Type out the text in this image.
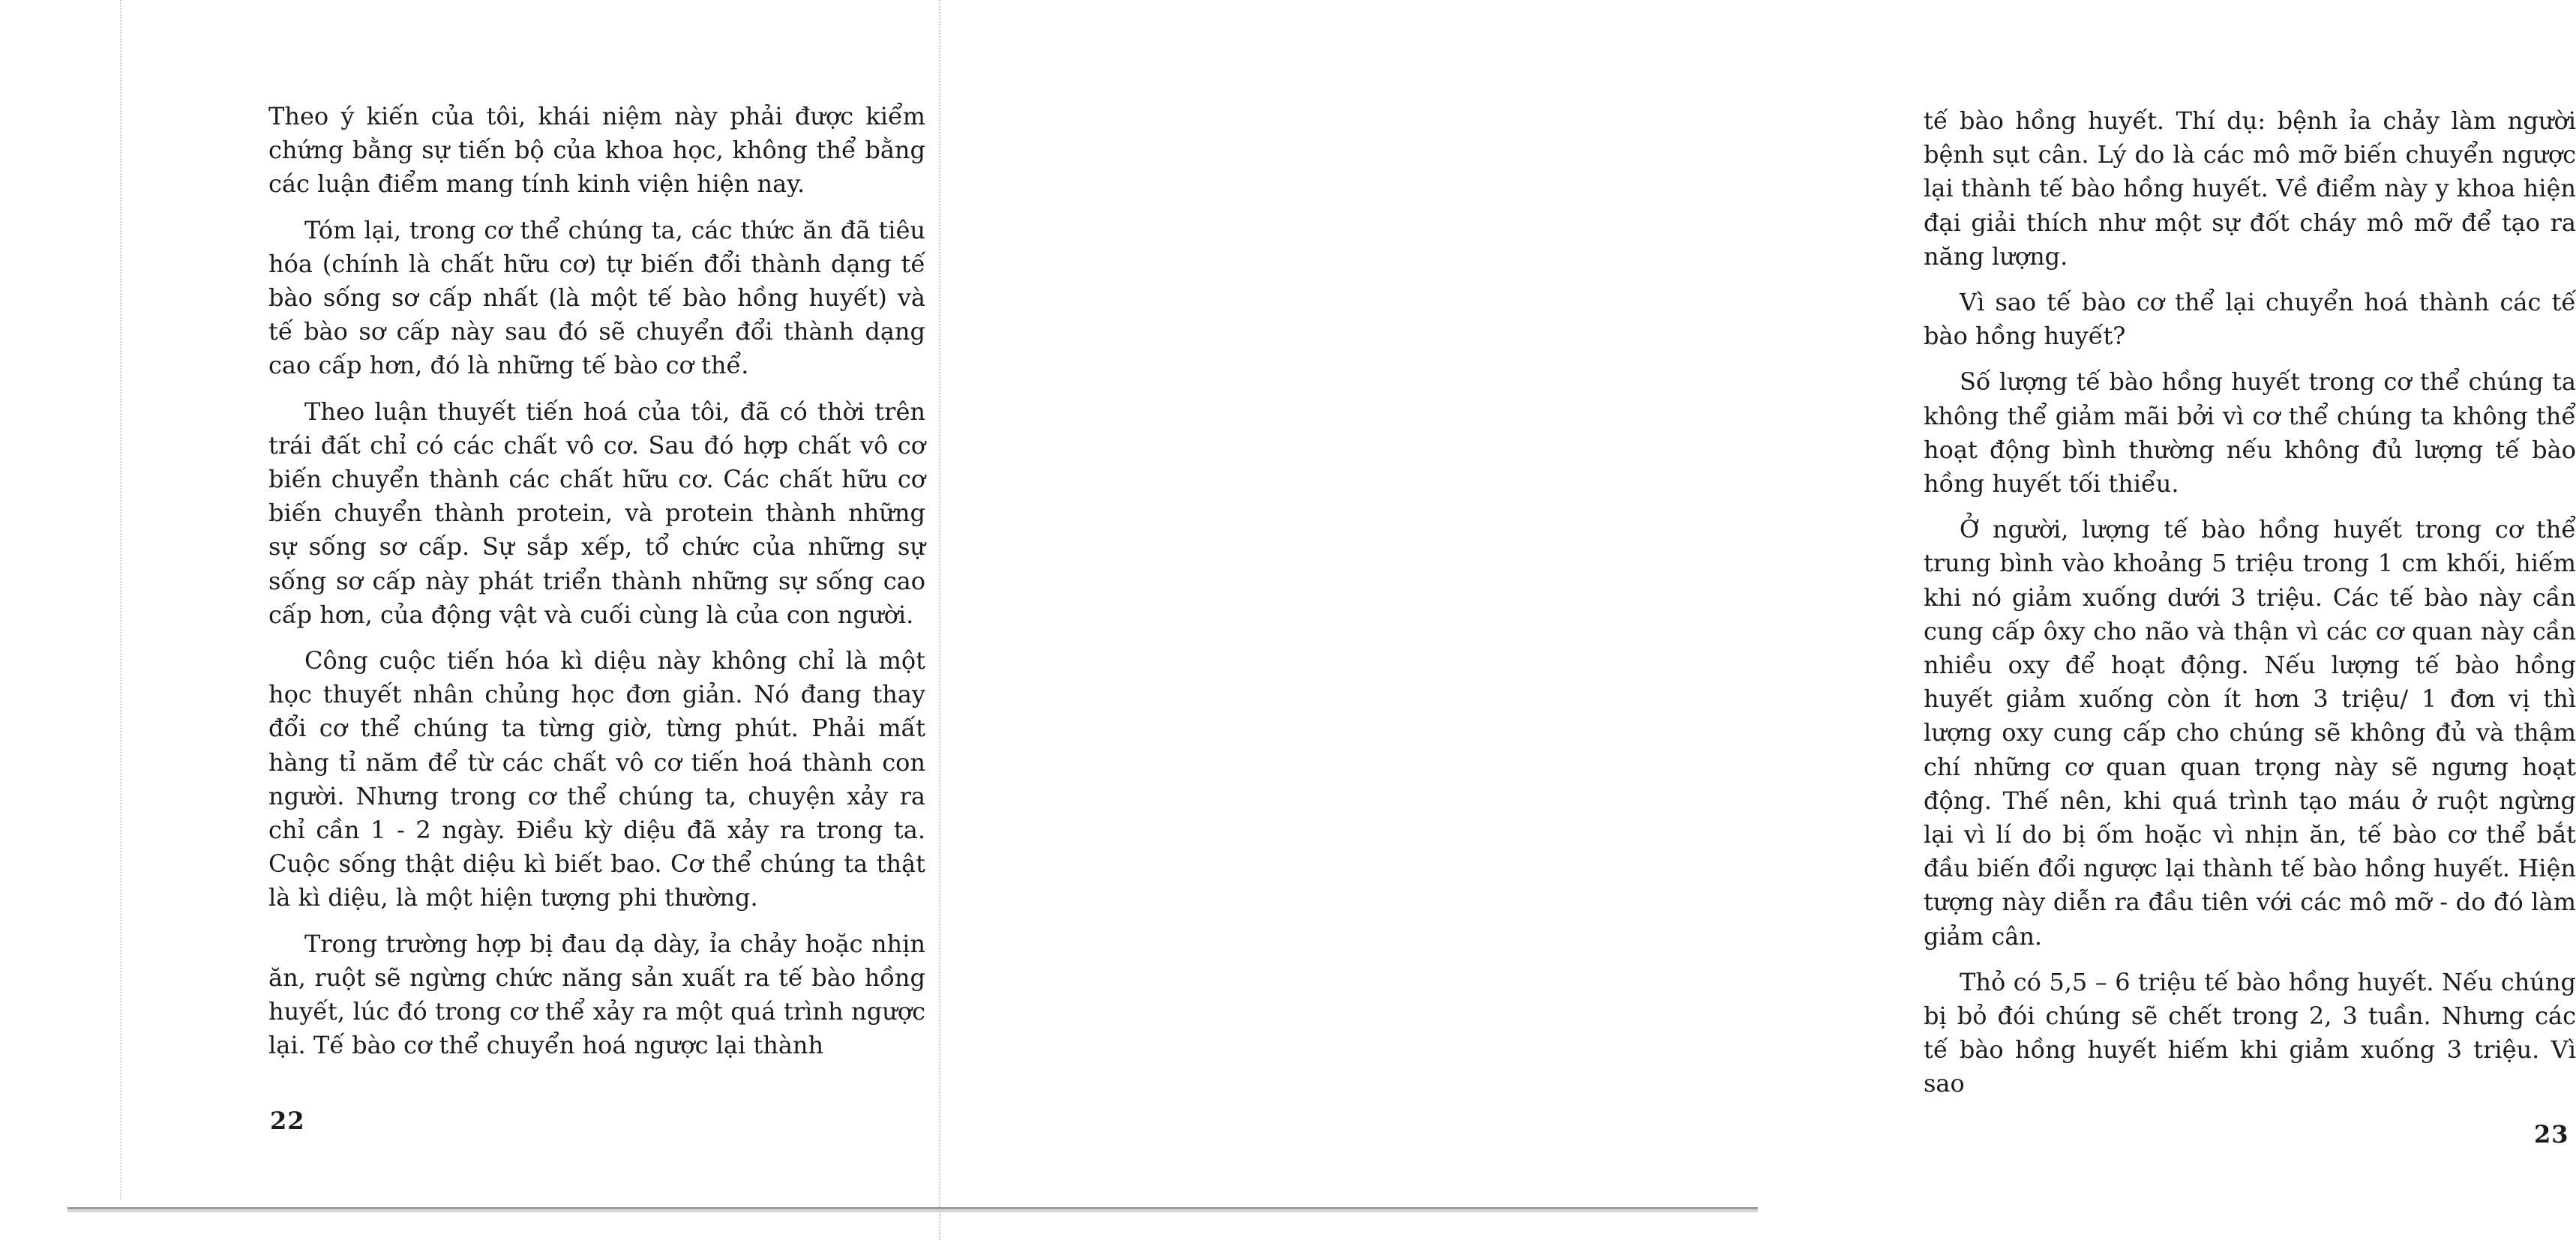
Theo ý kiến của tôi, khái niệm này phải được kiểm chứng bằng sự tiến bộ của khoa học, không thể bằng các luận điểm mang tính kinh viện hiện nay.

Tóm lại, trong cơ thể chúng ta, các thức ăn đã tiêu hóa (chính là chất hữu cơ) tự biến đổi thành dạng tế bào sống sơ cấp nhất (là một tế bào hồng huyết) và tế bào sơ cấp này sau đó sẽ chuyển đổi thành dạng cao cấp hơn, đó là những tế bào cơ thể.

Theo luận thuyết tiến hoá của tôi, đã có thời trên trái đất chỉ có các chất vô cơ. Sau đó hợp chất vô cơ biến chuyển thành các chất hữu cơ. Các chất hữu cơ biến chuyển thành protein, và protein thành những sự sống sơ cấp. Sự sắp xếp, tổ chức của những sự sống sơ cấp này phát triển thành những sự sống cao cấp hơn, của động vật và cuối cùng là của con người.

Công cuộc tiến hóa kì diệu này không chỉ là một học thuyết nhân chủng học đơn giản. Nó đang thay đổi cơ thể chúng ta từng giờ, từng phút. Phải mất hàng tỉ năm để từ các chất vô cơ tiến hoá thành con người. Nhưng trong cơ thể chúng ta, chuyện xảy ra chỉ cần 1 - 2 ngày. Điều kỳ diệu đã xảy ra trong ta. Cuộc sống thật diệu kì biết bao. Cơ thể chúng ta thật là kì diệu, là một hiện tượng phi thường.

Trong trường hợp bị đau dạ dày, ỉa chảy hoặc nhịn ăn, ruột sẽ ngừng chức năng sản xuất ra tế bào hồng huyết, lúc đó trong cơ thể xảy ra một quá trình ngược lại. Tế bào cơ thể chuyển hoá ngược lại thành

22

tế bào hồng huyết. Thí dụ: bệnh ỉa chảy làm người bệnh sụt cân. Lý do là các mô mỡ biến chuyển ngược lại thành tế bào hồng huyết. Về điểm này y khoa hiện đại giải thích như một sự đốt cháy mô mỡ để tạo ra năng lượng.

Vì sao tế bào cơ thể lại chuyển hoá thành các tế bào hồng huyết?

Số lượng tế bào hồng huyết trong cơ thể chúng ta không thể giảm mãi bởi vì cơ thể chúng ta không thể hoạt động bình thường nếu không đủ lượng tế bào hồng huyết tối thiểu.

Ở người, lượng tế bào hồng huyết trong cơ thể trung bình vào khoảng 5 triệu trong 1 cm khối, hiếm khi nó giảm xuống dưới 3 triệu. Các tế bào này cần cung cấp ôxy cho não và thận vì các cơ quan này cần nhiều oxy để hoạt động. Nếu lượng tế bào hồng huyết giảm xuống còn ít hơn 3 triệu/ 1 đơn vị thì lượng oxy cung cấp cho chúng sẽ không đủ và thậm chí những cơ quan quan trọng này sẽ ngưng hoạt động. Thế nên, khi quá trình tạo máu ở ruột ngừng lại vì lí do bị ốm hoặc vì nhịn ăn, tế bào cơ thể bắt đầu biến đổi ngược lại thành tế bào hồng huyết. Hiện tượng này diễn ra đầu tiên với các mô mỡ - do đó làm giảm cân.

Thỏ có 5,5 – 6 triệu tế bào hồng huyết. Nếu chúng bị bỏ đói chúng sẽ chết trong 2, 3 tuần. Nhưng các tế bào hồng huyết hiếm khi giảm xuống 3 triệu. Vì sao

23
